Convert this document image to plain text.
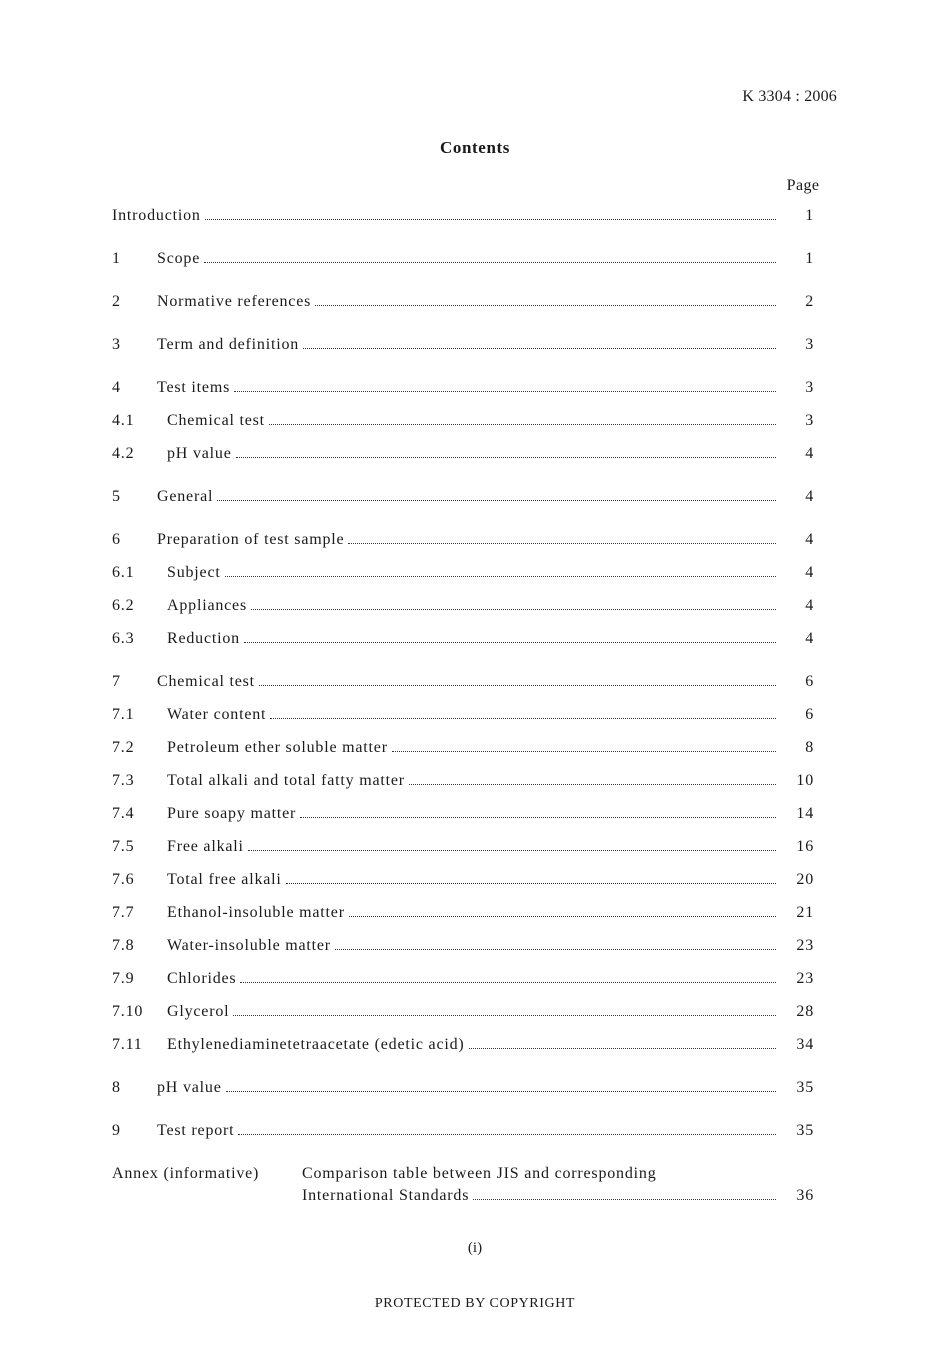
K 3304 : 2006
Contents
Page
Introduction	1
1 Scope	1
2 Normative references	2
3 Term and definition	3
4 Test items	3
4.1 Chemical test	3
4.2 pH value	4
5 General	4
6 Preparation of test sample	4
6.1 Subject	4
6.2 Appliances	4
6.3 Reduction	4
7 Chemical test	6
7.1 Water content	6
7.2 Petroleum ether soluble matter	8
7.3 Total alkali and total fatty matter	10
7.4 Pure soapy matter	14
7.5 Free alkali	16
7.6 Total free alkali	20
7.7 Ethanol-insoluble matter	21
7.8 Water-insoluble matter	23
7.9 Chlorides	23
7.10 Glycerol	28
7.11 Ethylenediaminetetraacetate (edetic acid)	34
8 pH value	35
9 Test report	35
Annex (informative)	Comparison table between JIS and corresponding
International Standards	36
(i)
PROTECTED BY COPYRIGHT
